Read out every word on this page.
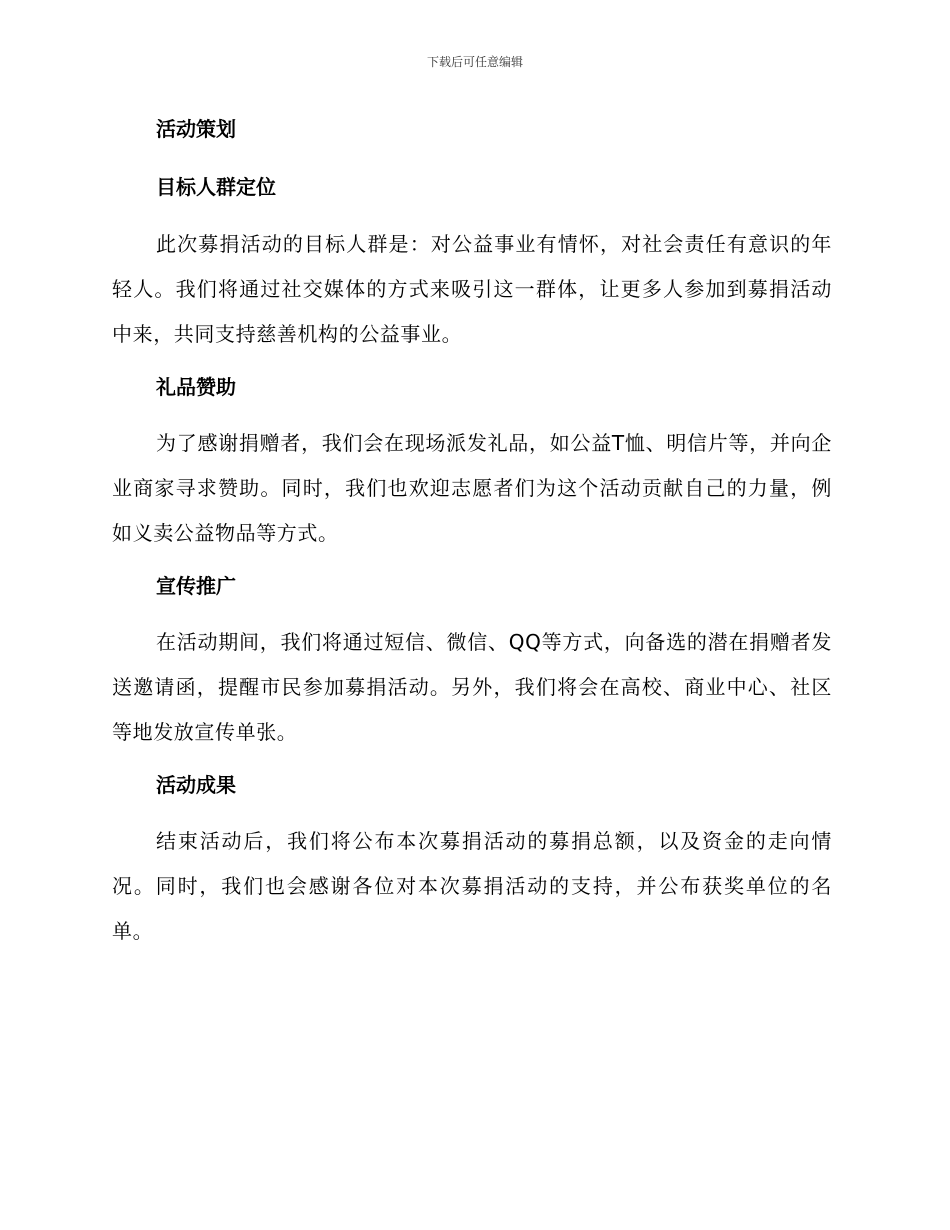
下载后可任意编辑
活动策划
目标人群定位

此次募捐活动的目标人群是：对公益事业有情怀，对社会责任有意识的年轻人。我们将通过社交媒体的方式来吸引这一群体，让更多人参加到募捐活动中来，共同支持慈善机构的公益事业。

礼品赞助

为了感谢捐赠者，我们会在现场派发礼品，如公益T恤、明信片等，并向企业商家寻求赞助。同时，我们也欢迎志愿者们为这个活动贡献自己的力量，例如义卖公益物品等方式。

宣传推广

在活动期间，我们将通过短信、微信、QQ等方式，向备选的潜在捐赠者发送邀请函，提醒市民参加募捐活动。另外，我们将会在高校、商业中心、社区等地发放宣传单张。

活动成果

结束活动后，我们将公布本次募捐活动的募捐总额，以及资金的走向情况。同时，我们也会感谢各位对本次募捐活动的支持，并公布获奖单位的名单。
